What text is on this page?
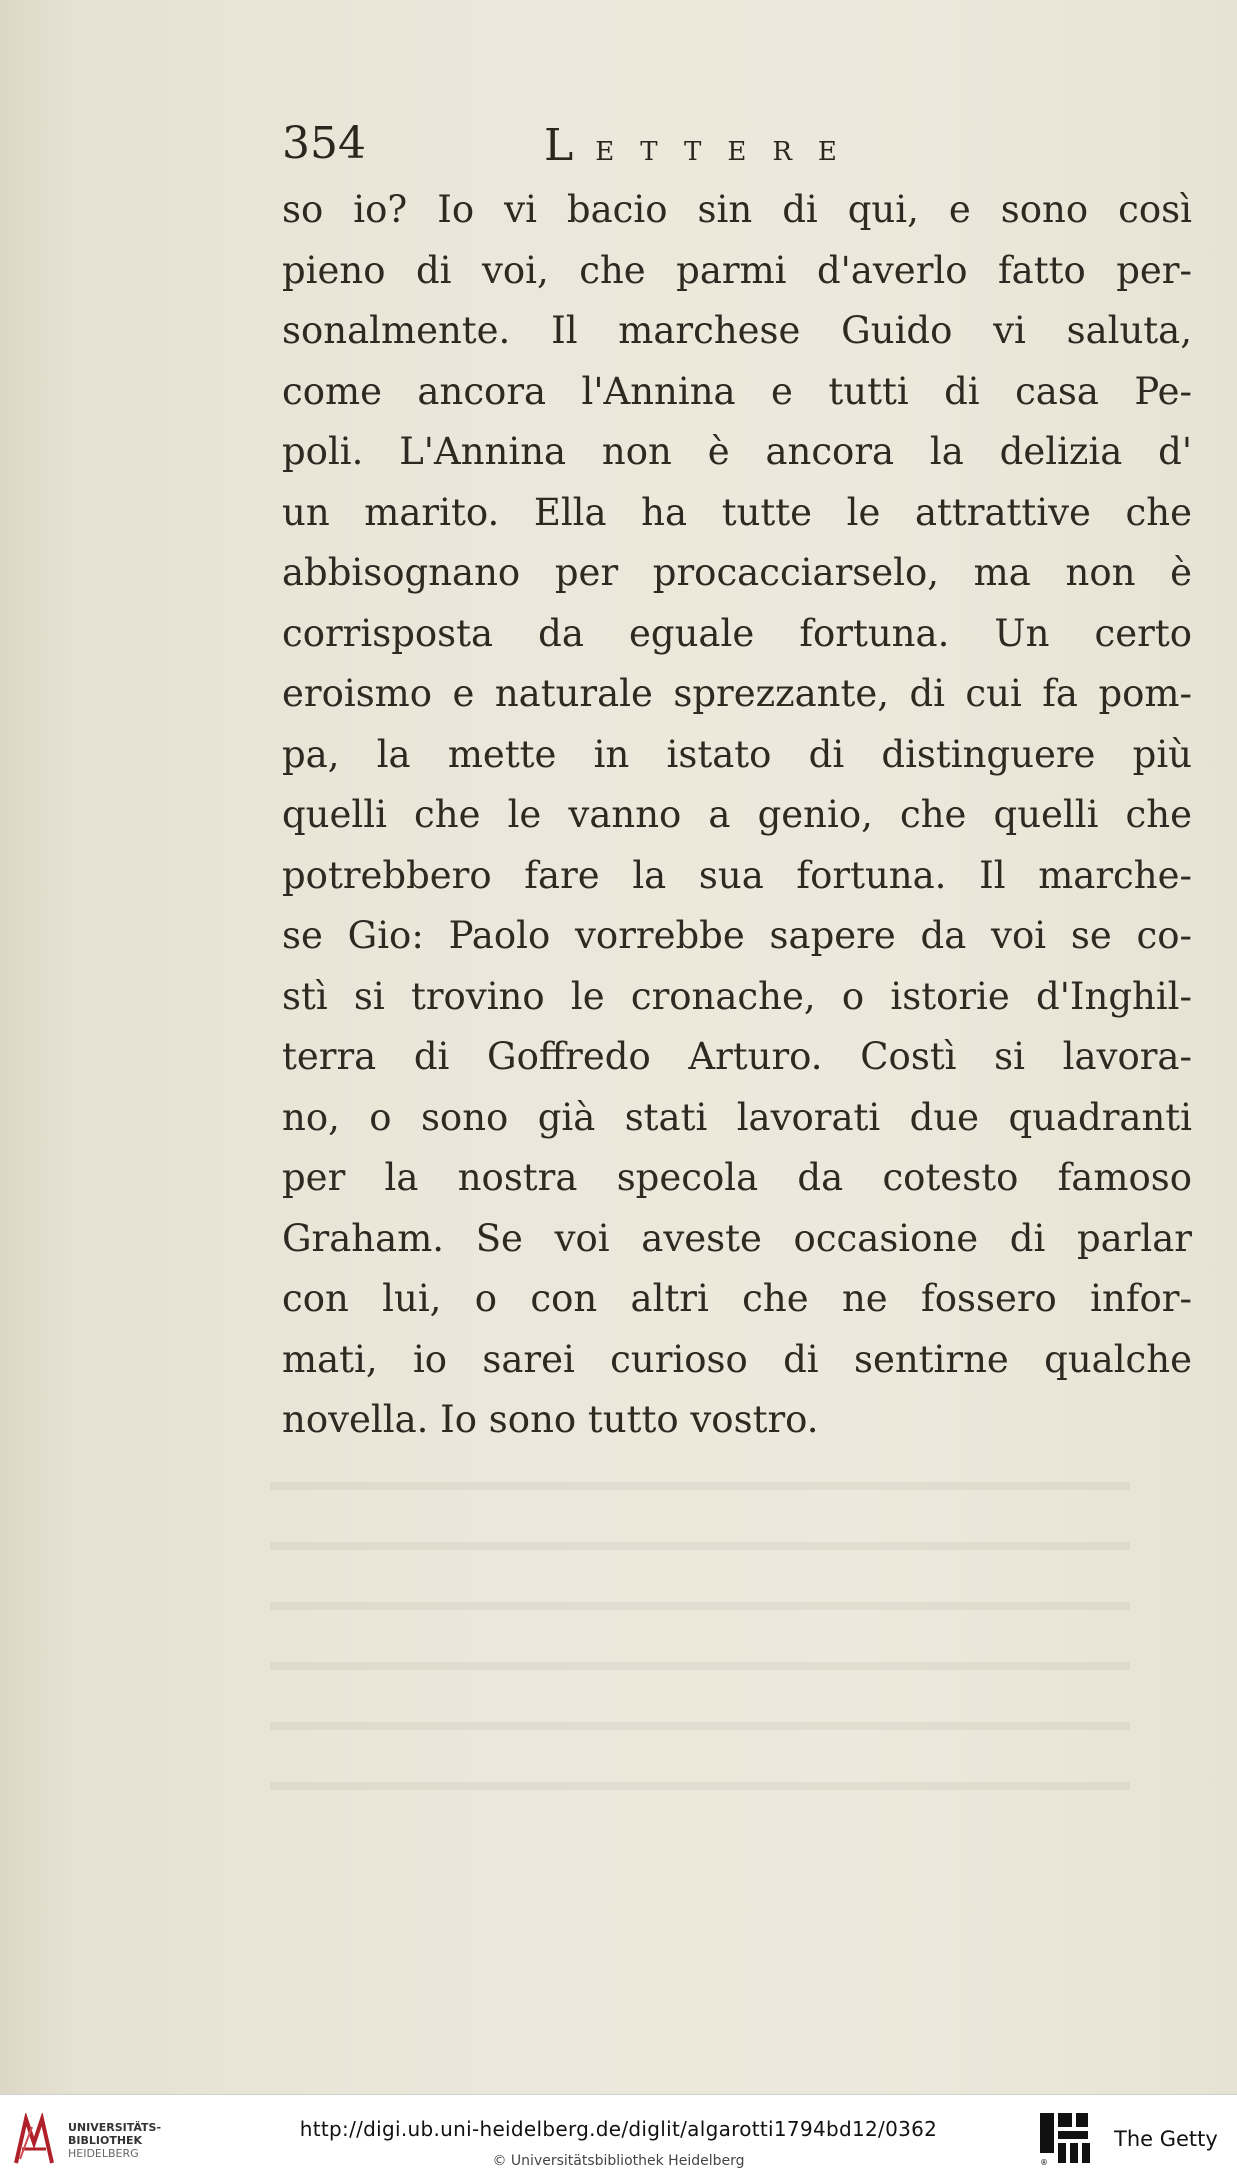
354	LETTERE
so io? Io vi bacio sin di qui, e sono così
pieno di voi, che parmi d'averlo fatto per-
sonalmente. Il marchese Guido vi saluta,
come ancora l'Annina e tutti di casa Pe-
poli. L'Annina non è ancora la delizia d'
un marito. Ella ha tutte le attrattive che
abbisognano per procacciarselo, ma non è
corrisposta da eguale fortuna. Un certo
eroismo e naturale sprezzante, di cui fa pom-
pa, la mette in istato di distinguere più
quelli che le vanno a genio, che quelli che
potrebbero fare la sua fortuna. Il marche-
se Gio: Paolo vorrebbe sapere da voi se co-
stì si trovino le cronache, o istorie d'Inghil-
terra di Goffredo Arturo. Costì si lavora-
no, o sono già stati lavorati due quadranti
per la nostra specola da cotesto famoso
Graham. Se voi aveste occasione di parlar
con lui, o con altri che ne fossero infor-
mati, io sarei curioso di sentirne qualche
novella. Io sono tutto vostro.
UNIVERSITÄTS-
BIBLIOTHEK
HEIDELBERG
http://digi.ub.uni-heidelberg.de/diglit/algarotti1794bd12/0362
© Universitätsbibliothek Heidelberg	®
The Getty
